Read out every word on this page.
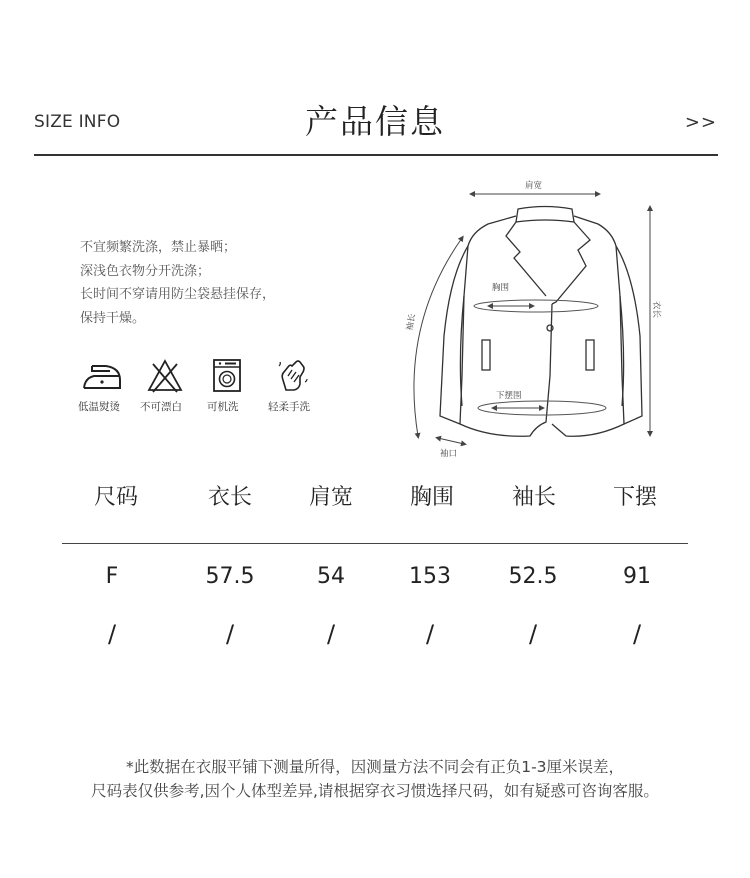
SIZE INFO	产品信息	>>
不宜频繁洗涤，禁止暴晒；
深浅色衣物分开洗涤；
长时间不穿请用防尘袋悬挂保存，
保持干燥。
低温熨烫 不可漂白 可机洗	轻柔手洗
肩宽
衣长
袖长
胸围
下摆围
袖口
尺码	衣长	肩宽	胸围	袖长	下摆
F	57.5	54	153	52.5	91
/	/	/	/	/	/
*此数据在衣服平铺下测量所得，因测量方法不同会有正负1-3厘米误差，
尺码表仅供参考,因个人体型差异,请根据穿衣习惯选择尺码，如有疑惑可咨询客服。
